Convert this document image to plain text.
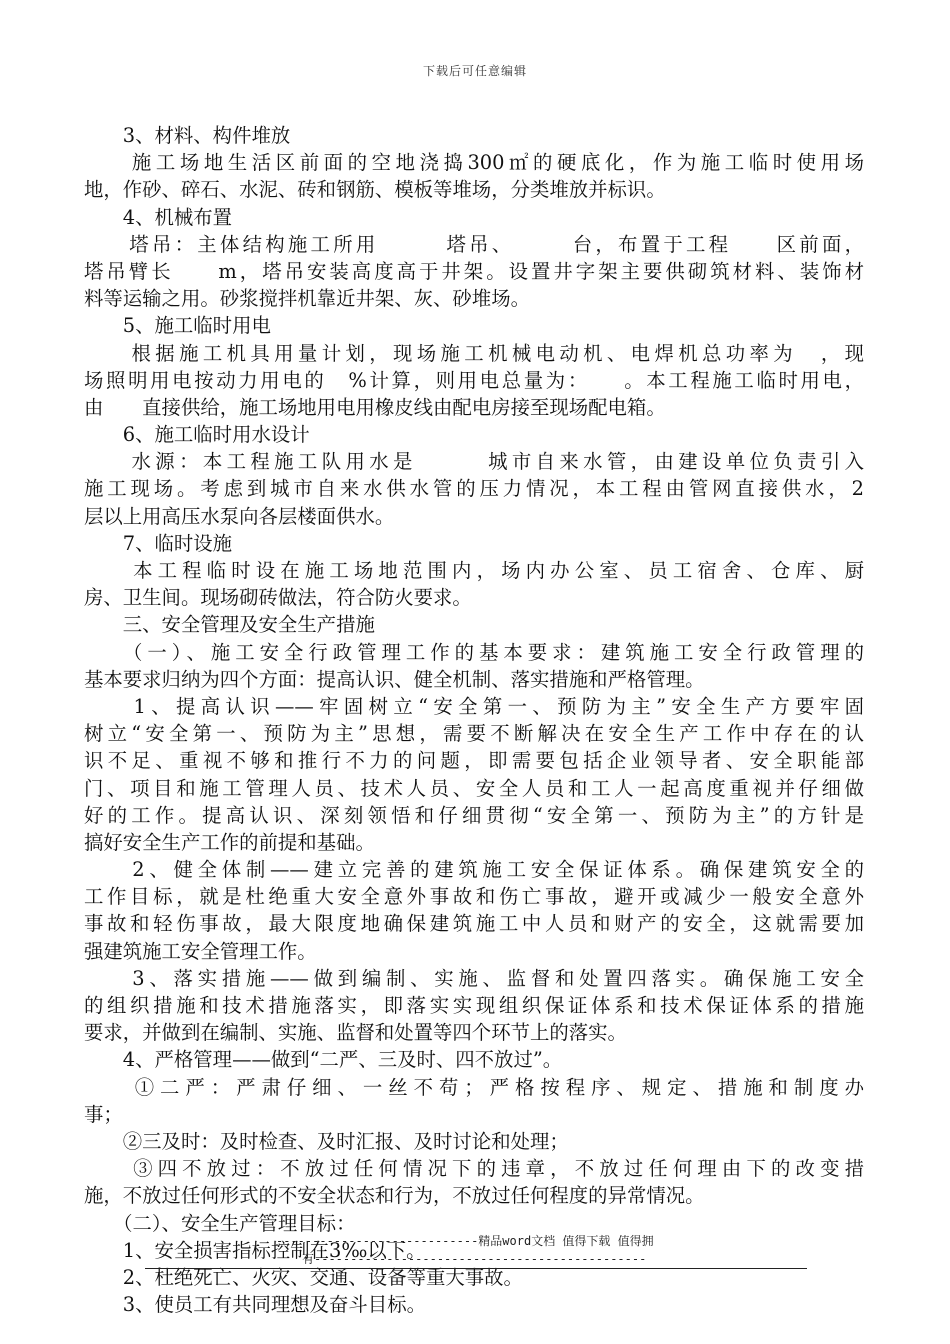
下载后可任意编辑
　　3、材料、构件堆放
　　施工场地生活区前面的空地浇捣300㎡的硬底化，作为施工临时使用场
地，作砂、碎石、水泥、砖和钢筋、模板等堆场，分类堆放并标识。
　　4、机械布置
　　塔吊：主体结构施工所用　　　塔吊、　　　台，布置于工程　　区前面，
塔吊臂长　　m，塔吊安装高度高于井架。设置井字架主要供砌筑材料、装饰材
料等运输之用。砂浆搅拌机靠近井架、灰、砂堆场。
　　5、施工临时用电
　　根据施工机具用量计划，现场施工机械电动机、电焊机总功率为　，现
场照明用电按动力用电的　%计算，则用电总量为：　　。本工程施工临时用电，
由　　直接供给，施工场地用电用橡皮线由配电房接至现场配电箱。
　　6、施工临时用水设计
　　水源：本工程施工队用水是　　　城市自来水管，由建设单位负责引入
施工现场。考虑到城市自来水供水管的压力情况，本工程由管网直接供水，2
层以上用高压水泵向各层楼面供水。
　　7、临时设施
　　本工程临时设在施工场地范围内，场内办公室、员工宿舍、仓库、厨
房、卫生间。现场砌砖做法，符合防火要求。
　　三、安全管理及安全生产措施
　　（一）、施工安全行政管理工作的基本要求：建筑施工安全行政管理的
基本要求归纳为四个方面：提高认识、健全机制、落实措施和严格管理。
　　1、提高认识——牢固树立“安全第一、预防为主”安全生产方要牢固
树立“安全第一、预防为主”思想，需要不断解决在安全生产工作中存在的认
识不足、重视不够和推行不力的问题，即需要包括企业领导者、安全职能部
门、项目和施工管理人员、技术人员、安全人员和工人一起高度重视并仔细做
好的工作。提高认识、深刻领悟和仔细贯彻“安全第一、预防为主”的方针是
搞好安全生产工作的前提和基础。
　　2、健全体制——建立完善的建筑施工安全保证体系。确保建筑安全的
工作目标，就是杜绝重大安全意外事故和伤亡事故，避开或减少一般安全意外
事故和轻伤事故，最大限度地确保建筑施工中人员和财产的安全，这就需要加
强建筑施工安全管理工作。
　　3、落实措施——做到编制、实施、监督和处置四落实。确保施工安全
的组织措施和技术措施落实，即落实实现组织保证体系和技术保证体系的措施
要求，并做到在编制、实施、监督和处置等四个环节上的落实。
　　4、严格管理——做到“二严、三及时、四不放过”。
　　①二严：严肃仔细、一丝不苟；严格按程序、规定、措施和制度办
事；
　　②三及时：及时检查、及时汇报、及时讨论和处理；
　　③四不放过：不放过任何情况下的违章，不放过任何理由下的改变措
施，不放过任何形式的不安全状态和行为，不放过任何程度的异常情况。
　　（二）、安全生产管理目标：
　　1、安全损害指标控制在3‰以下。
　　2、杜绝死亡、火灾、交通、设备等重大事故。
　　3、使员工有共同理想及奋斗目标。
----------------------------精品word文档 值得下载 值得拥
有----------------------------------------------
